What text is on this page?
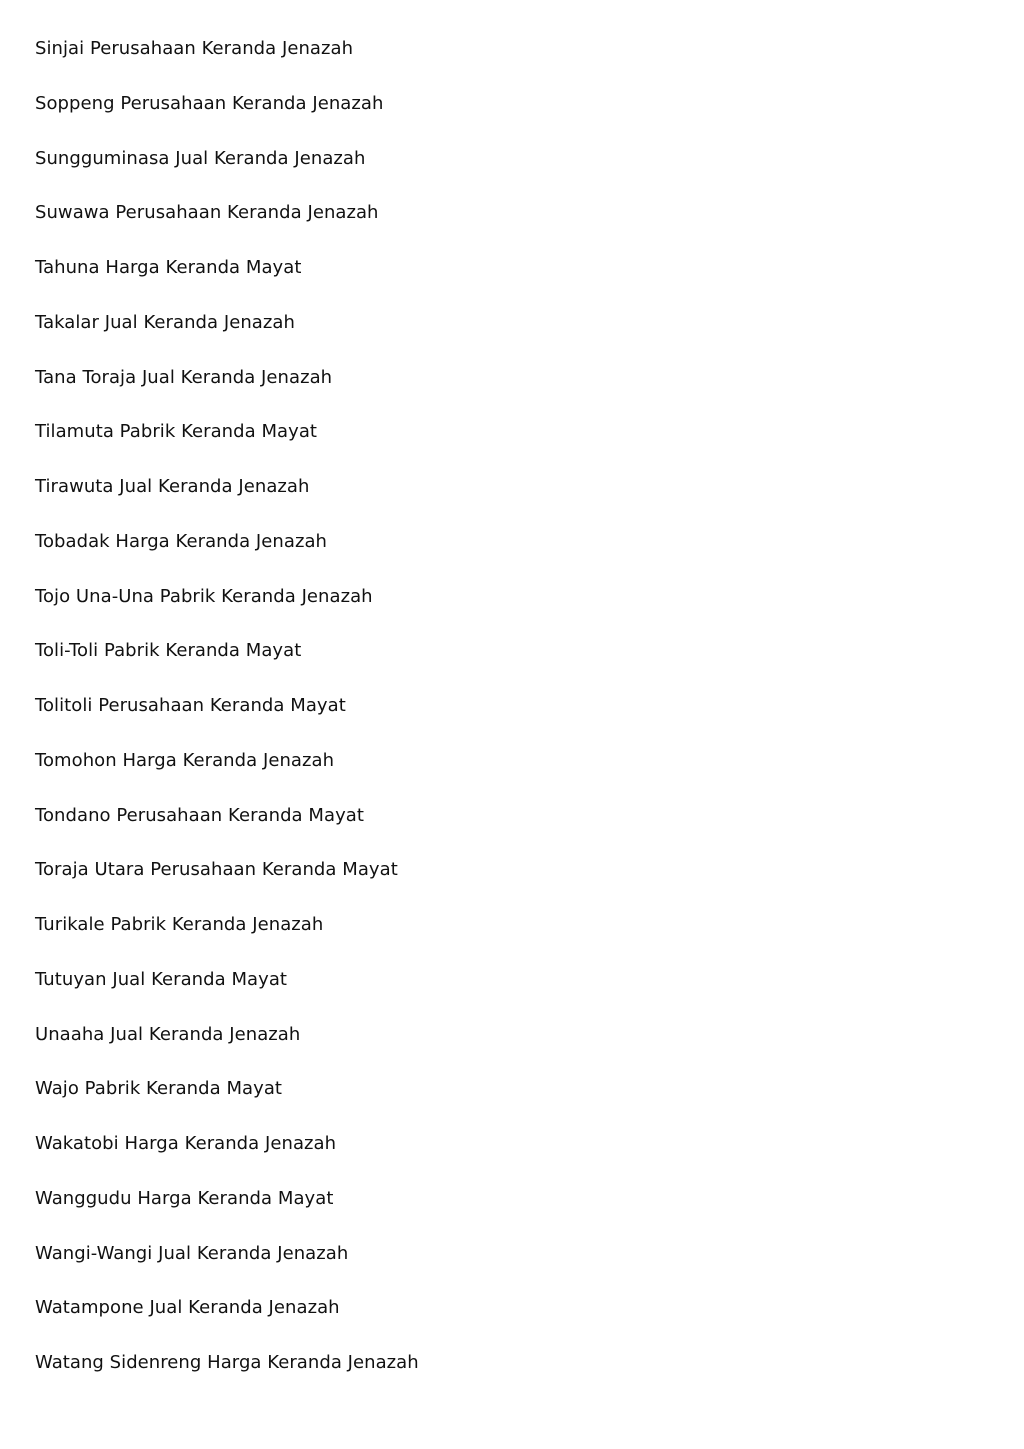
Sinjai Perusahaan Keranda Jenazah
Soppeng Perusahaan Keranda Jenazah
Sungguminasa Jual Keranda Jenazah
Suwawa Perusahaan Keranda Jenazah
Tahuna Harga Keranda Mayat
Takalar Jual Keranda Jenazah
Tana Toraja Jual Keranda Jenazah
Tilamuta Pabrik Keranda Mayat
Tirawuta Jual Keranda Jenazah
Tobadak Harga Keranda Jenazah
Tojo Una-Una Pabrik Keranda Jenazah
Toli-Toli Pabrik Keranda Mayat
Tolitoli Perusahaan Keranda Mayat
Tomohon Harga Keranda Jenazah
Tondano Perusahaan Keranda Mayat
Toraja Utara Perusahaan Keranda Mayat
Turikale Pabrik Keranda Jenazah
Tutuyan Jual Keranda Mayat
Unaaha Jual Keranda Jenazah
Wajo Pabrik Keranda Mayat
Wakatobi Harga Keranda Jenazah
Wanggudu Harga Keranda Mayat
Wangi-Wangi Jual Keranda Jenazah
Watampone Jual Keranda Jenazah
Watang Sidenreng Harga Keranda Jenazah
